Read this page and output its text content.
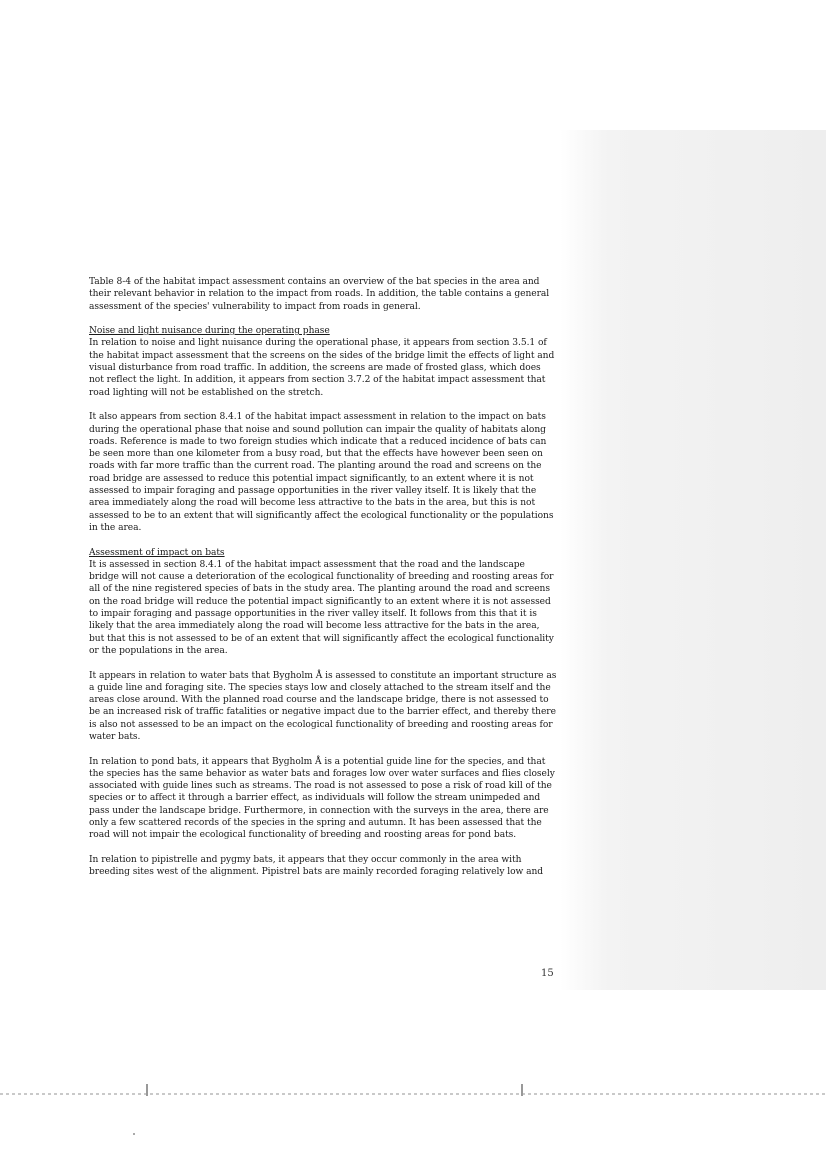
Table 8-4 of the habitat impact assessment contains an overview of the bat species in the area and their relevant behavior in relation to the impact from roads. In addition, the table contains a general assessment of the species' vulnerability to impact from roads in general.

Noise and light nuisance during the operating phase

In relation to noise and light nuisance during the operational phase, it appears from section 3.5.1 of the habitat impact assessment that the screens on the sides of the bridge limit the effects of light and visual disturbance from road traffic. In addition, the screens are made of frosted glass, which does not reflect the light. In addition, it appears from section 3.7.2 of the habitat impact assessment that road lighting will not be established on the stretch.

It also appears from section 8.4.1 of the habitat impact assessment in relation to the impact on bats during the operational phase that noise and sound pollution can impair the quality of habitats along roads. Reference is made to two foreign studies which indicate that a reduced incidence of bats can be seen more than one kilometer from a busy road, but that the effects have however been seen on roads with far more traffic than the current road. The planting around the road and screens on the road bridge are assessed to reduce this potential impact significantly, to an extent where it is not assessed to impair foraging and passage opportunities in the river valley itself. It is likely that the area immediately along the road will become less attractive to the bats in the area, but this is not assessed to be to an extent that will significantly affect the ecological functionality or the populations in the area.

Assessment of impact on bats

It is assessed in section 8.4.1 of the habitat impact assessment that the road and the landscape bridge will not cause a deterioration of the ecological functionality of breeding and roosting areas for all of the nine registered species of bats in the study area. The planting around the road and screens on the road bridge will reduce the potential impact significantly to an extent where it is not assessed to impair foraging and passage opportunities in the river valley itself. It follows from this that it is likely that the area immediately along the road will become less attractive for the bats in the area, but that this is not assessed to be of an extent that will significantly affect the ecological functionality or the populations in the area.

It appears in relation to water bats that Bygholm Å is assessed to constitute an important structure as a guide line and foraging site. The species stays low and closely attached to the stream itself and the areas close around. With the planned road course and the landscape bridge, there is not assessed to be an increased risk of traffic fatalities or negative impact due to the barrier effect, and thereby there is also not assessed to be an impact on the ecological functionality of breeding and roosting areas for water bats.

In relation to pond bats, it appears that Bygholm Å is a potential guide line for the species, and that the species has the same behavior as water bats and forages low over water surfaces and flies closely associated with guide lines such as streams. The road is not assessed to pose a risk of road kill of the species or to affect it through a barrier effect, as individuals will follow the stream unimpeded and pass under the landscape bridge. Furthermore, in connection with the surveys in the area, there are only a few scattered records of the species in the spring and autumn. It has been assessed that the road will not impair the ecological functionality of breeding and roosting areas for pond bats.

In relation to pipistrelle and pygmy bats, it appears that they occur commonly in the area with breeding sites west of the alignment. Pipistrel bats are mainly recorded foraging relatively low and

15
